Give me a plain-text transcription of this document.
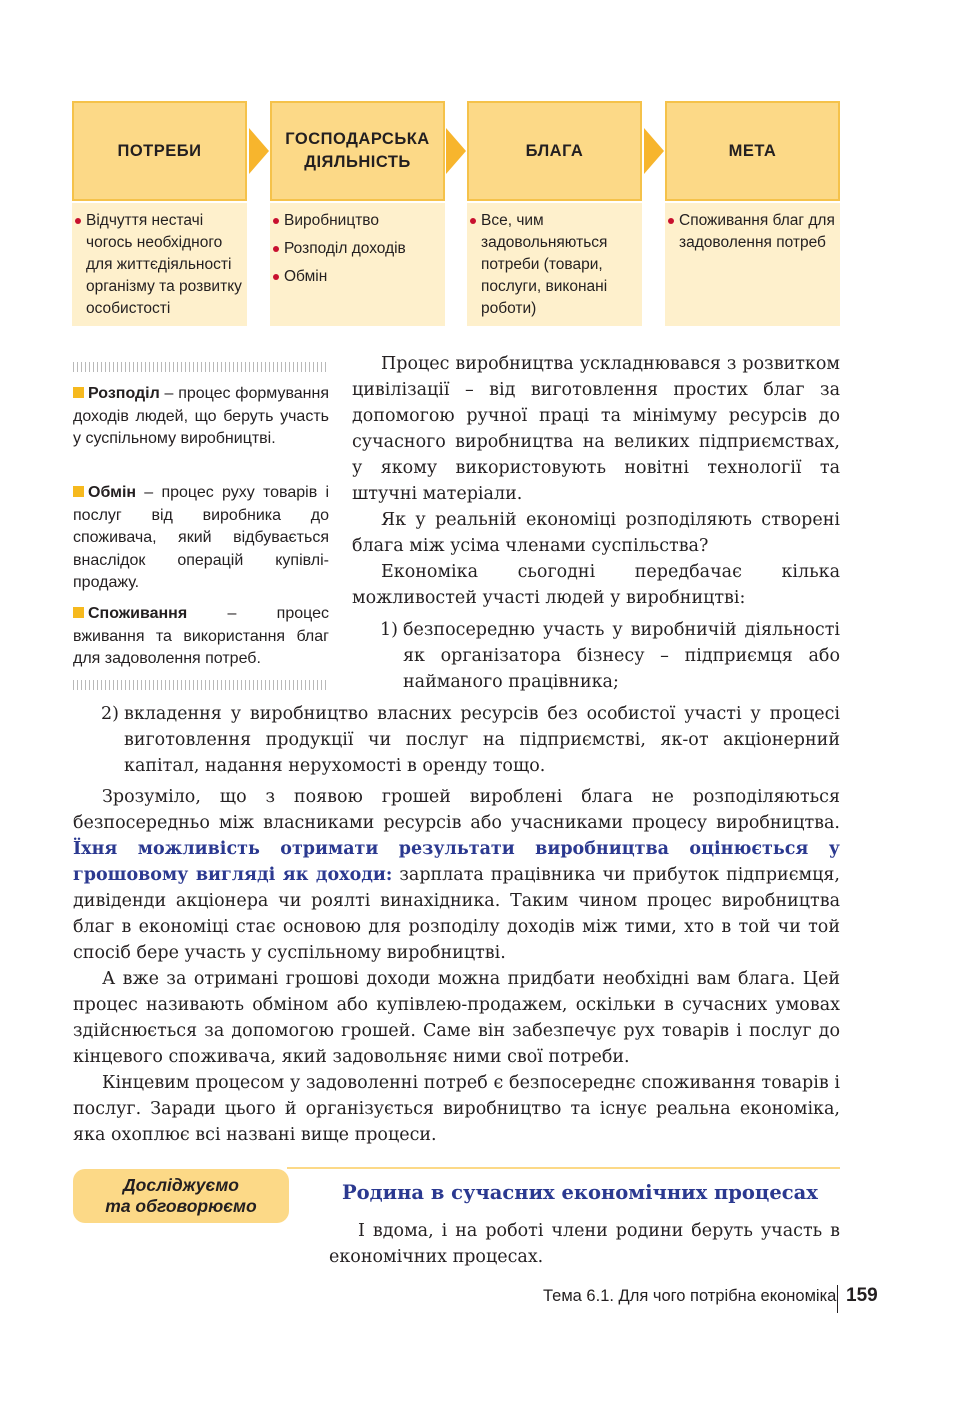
ПОТРЕБИ
ГОСПОДАРСЬКА ДІЯЛЬНІСТЬ
БЛАГА	МЕТА
Відчуття нестачі чогось необхідного для життєдіяльності організму та розвитку особистості
Виробництво
Розподіл доходів
Обмін
Все, чим задовольняються потреби (товари, послуги, виконані роботи)
Споживання благ для задоволення потреб
Розподіл – процес формування доходів людей, що беруть участь у суспільному виробництві.
Обмін – процес руху товарів і послуг від виробника до споживача, який відбувається внаслідок операцій купівлі-продажу.
Споживання – процес вживання та використання благ для задоволення потреб.

Процес виробництва ускладнювався з розвитком цивілізації – від виготовлення простих благ за допомогою ручної праці та мінімуму ресурсів до сучасного виробництва на великих підприємствах, у якому використовують новітні технології та штучні матеріали.

Як у реальній економіці розподіляють створені блага між усіма членами суспільства?

Економіка сьогодні передбачає кілька можливостей участі людей у виробництві:

1) безпосередню участь у виробничій діяльності як організатора бізнесу – підприємця або найманого працівника;
2) вкладення у виробництво власних ресурсів без особистої участі у процесі виготовлення продукції чи послуг на підприємстві, як-от акціонерний капітал, надання нерухомості в оренду тощо.

Зрозуміло, що з появою грошей вироблені блага не розподіляються безпосередньо між власниками ресурсів або учасниками процесу виробництва. Їхня можливість отримати результати виробництва оцінюється у грошовому вигляді як доходи: зарплата працівника чи прибуток підприємця, дивіденди акціонера чи роялті винахідника. Таким чином процес виробництва благ в економіці стає основою для розподілу доходів між тими, хто в той чи той спосіб бере участь у суспільному виробництві.

А вже за отримані грошові доходи можна придбати необхідні вам блага. Цей процес називають обміном або купівлею-продажем, оскільки в сучасних умовах здійснюється за допомогою грошей. Саме він забезпечує рух товарів і послуг до кінцевого споживача, який задовольняє ними свої потреби.

Кінцевим процесом у задоволенні потреб є безпосереднє споживання товарів і послуг. Заради цього й організується виробництво та існує реальна економіка, яка охоплює всі названі вище процеси.

Досліджуємо
та обговорюємо
Родина в сучасних економічних процесах

І вдома, і на роботі члени родини беруть участь в економічних процесах.

Тема 6.1. Для чого потрібна економіка 159
